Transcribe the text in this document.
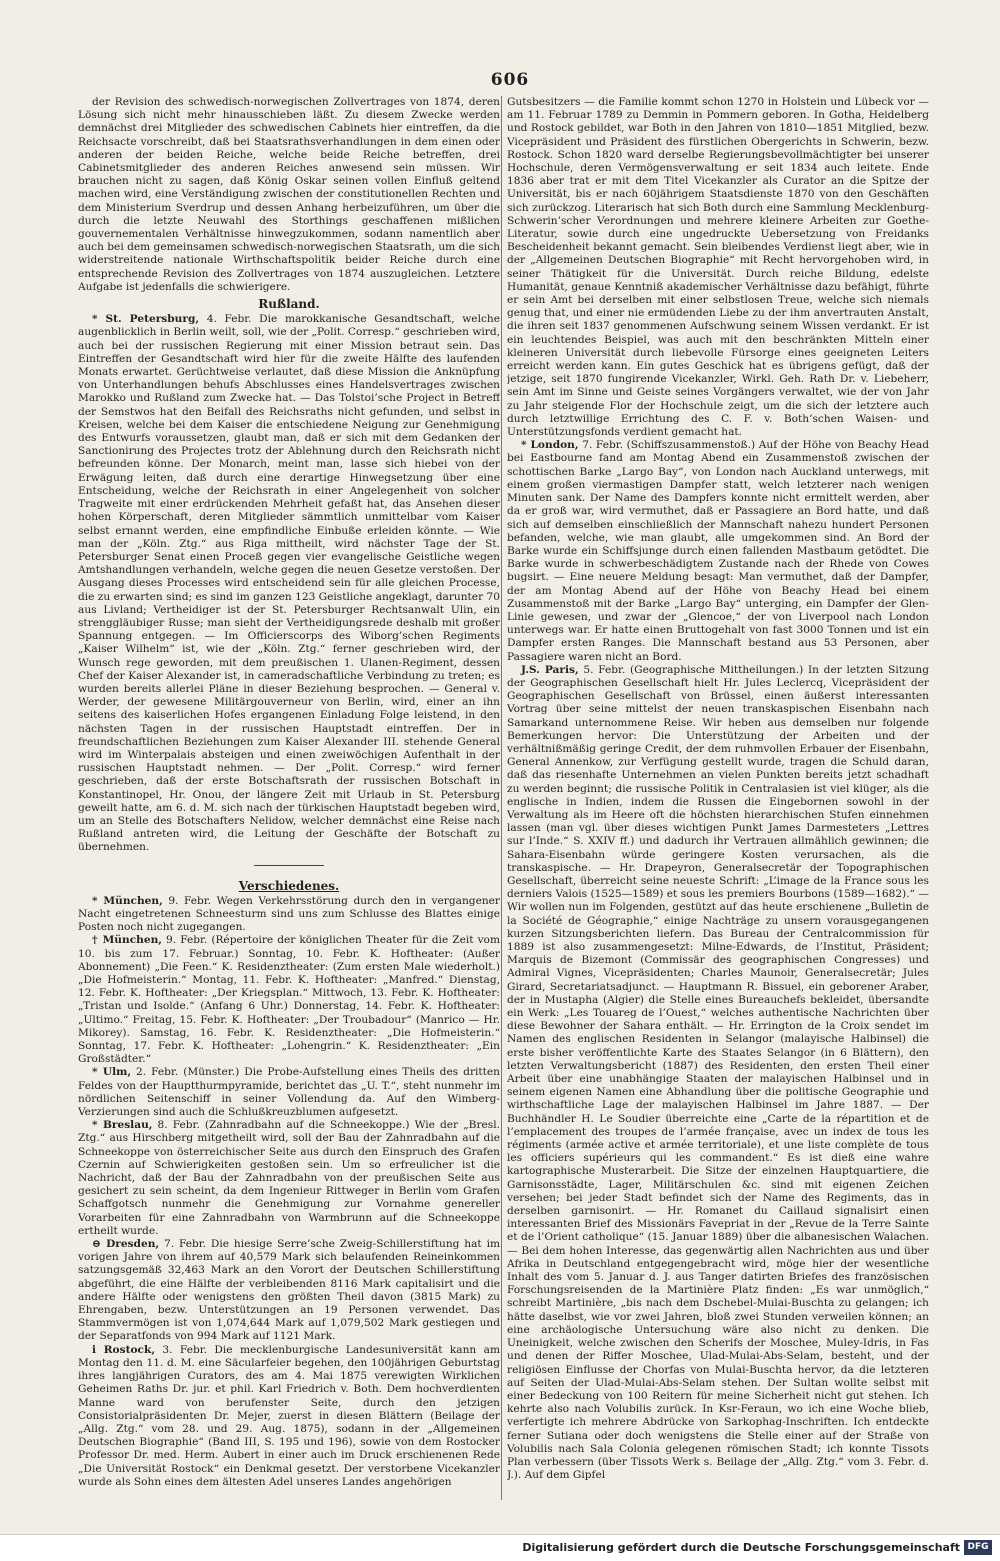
606

der Revision des schwedisch-norwegischen Zollvertrages von 1874, deren Lösung sich nicht mehr hinausschieben läßt. Zu diesem Zwecke werden demnächst drei Mitglieder des schwedischen Cabinets hier eintreffen, da die Reichsacte vorschreibt, daß bei Staatsrathsverhandlungen in dem einen oder anderen der beiden Reiche, welche beide Reiche betreffen, drei Cabinetsmitglieder des anderen Reiches anwesend sein müssen. Wir brauchen nicht zu sagen, daß König Oskar seinen vollen Einfluß geltend machen wird, eine Verständigung zwischen der constitutionellen Rechten und dem Ministerium Sverdrup und dessen Anhang herbeizuführen, um über die durch die letzte Neuwahl des Storthings geschaffenen mißlichen gouvernementalen Verhältnisse hinwegzukommen, sodann namentlich aber auch bei dem gemeinsamen schwedisch-norwegischen Staatsrath, um die sich widerstreitende nationale Wirthschaftspolitik beider Reiche durch eine entsprechende Revision des Zollvertrages von 1874 auszugleichen. Letztere Aufgabe ist jedenfalls die schwierigere.

Rußland.

* St. Petersburg, 4. Febr. Die marokkanische Gesandtschaft, welche augenblicklich in Berlin weilt, soll, wie der „Polit. Corresp.“ geschrieben wird, auch bei der russischen Regierung mit einer Mission betraut sein. Das Eintreffen der Gesandtschaft wird hier für die zweite Hälfte des laufenden Monats erwartet. Gerüchtweise verlautet, daß diese Mission die Anknüpfung von Unterhandlungen behufs Abschlusses eines Handelsvertrages zwischen Marokko und Rußland zum Zwecke hat. — Das Tolstoi’sche Project in Betreff der Semstwos hat den Beifall des Reichsraths nicht gefunden, und selbst in Kreisen, welche bei dem Kaiser die entschiedene Neigung zur Genehmigung des Entwurfs voraussetzen, glaubt man, daß er sich mit dem Gedanken der Sanctionirung des Projectes trotz der Ablehnung durch den Reichsrath nicht befreunden könne. Der Monarch, meint man, lasse sich hiebei von der Erwägung leiten, daß durch eine derartige Hinwegsetzung über eine Entscheidung, welche der Reichsrath in einer Angelegenheit von solcher Tragweite mit einer erdrückenden Mehrheit gefaßt hat, das Ansehen dieser hohen Körperschaft, deren Mitglieder sämmtlich unmittelbar vom Kaiser selbst ernannt werden, eine empfindliche Einbuße erleiden könnte. — Wie man der „Köln. Ztg.“ aus Riga mittheilt, wird nächster Tage der St. Petersburger Senat einen Proceß gegen vier evangelische Geistliche wegen Amtshandlungen verhandeln, welche gegen die neuen Gesetze verstoßen. Der Ausgang dieses Processes wird entscheidend sein für alle gleichen Processe, die zu erwarten sind; es sind im ganzen 123 Geistliche angeklagt, darunter 70 aus Livland; Vertheidiger ist der St. Petersburger Rechtsanwalt Ulin, ein strenggläubiger Russe; man sieht der Vertheidigungsrede deshalb mit großer Spannung entgegen. — Im Officierscorps des Wiborg’schen Regiments „Kaiser Wilhelm“ ist, wie der „Köln. Ztg.“ ferner geschrieben wird, der Wunsch rege geworden, mit dem preußischen 1. Ulanen-Regiment, dessen Chef der Kaiser Alexander ist, in cameradschaftliche Verbindung zu treten; es wurden bereits allerlei Pläne in dieser Beziehung besprochen. — General v. Werder, der gewesene Militärgouverneur von Berlin, wird, einer an ihn seitens des kaiserlichen Hofes ergangenen Einladung Folge leistend, in den nächsten Tagen in der russischen Hauptstadt eintreffen. Der in freundschaftlichen Beziehungen zum Kaiser Alexander III. stehende General wird im Winterpalais absteigen und einen zweiwöchigen Aufenthalt in der russischen Hauptstadt nehmen. — Der „Polit. Corresp.“ wird ferner geschrieben, daß der erste Botschaftsrath der russischen Botschaft in Konstantinopel, Hr. Onou, der längere Zeit mit Urlaub in St. Petersburg geweilt hatte, am 6. d. M. sich nach der türkischen Hauptstadt begeben wird, um an Stelle des Botschafters Nelidow, welcher demnächst eine Reise nach Rußland antreten wird, die Leitung der Geschäfte der Botschaft zu übernehmen.

Verschiedenes.

* München, 9. Febr. Wegen Verkehrsstörung durch den in vergangener Nacht eingetretenen Schneesturm sind uns zum Schlusse des Blattes einige Posten noch nicht zugegangen.

† München, 9. Febr. (Répertoire der königlichen Theater für die Zeit vom 10. bis zum 17. Februar.) Sonntag, 10. Febr. K. Hoftheater: (Außer Abonnement) „Die Feen.“ K. Residenztheater: (Zum ersten Male wiederholt.) „Die Hofmeisterin.“ Montag, 11. Febr. K. Hoftheater: „Manfred.“ Dienstag, 12. Febr. K. Hoftheater: „Der Kriegsplan.“ Mittwoch, 13. Febr. K. Hoftheater: „Tristan und Isolde.“ (Anfang 6 Uhr.) Donnerstag, 14. Febr. K. Hoftheater: „Ultimo.“ Freitag, 15. Febr. K. Hoftheater: „Der Troubadour“ (Manrico — Hr. Mikorey). Samstag, 16. Febr. K. Residenztheater: „Die Hofmeisterin.“ Sonntag, 17. Febr. K. Hoftheater: „Lohengrin.“ K. Residenztheater: „Ein Großstädter.“

* Ulm, 2. Febr. (Münster.) Die Probe-Aufstellung eines Theils des dritten Feldes von der Hauptthurmpyramide, berichtet das „U. T.“, steht nunmehr im nördlichen Seitenschiff in seiner Vollendung da. Auf den Wimberg-Verzierungen sind auch die Schlußkreuzblumen aufgesetzt.

* Breslau, 8. Febr. (Zahnradbahn auf die Schneekoppe.) Wie der „Bresl. Ztg.“ aus Hirschberg mitgetheilt wird, soll der Bau der Zahnradbahn auf die Schneekoppe von österreichischer Seite aus durch den Einspruch des Grafen Czernin auf Schwierigkeiten gestoßen sein. Um so erfreulicher ist die Nachricht, daß der Bau der Zahnradbahn von der preußischen Seite aus gesichert zu sein scheint, da dem Ingenieur Rittweger in Berlin vom Grafen Schaffgotsch nunmehr die Genehmigung zur Vornahme genereller Vorarbeiten für eine Zahnradbahn von Warmbrunn auf die Schneekoppe ertheilt wurde.

⊖ Dresden, 7. Febr. Die hiesige Serre’sche Zweig-Schillerstiftung hat im vorigen Jahre von ihrem auf 40,579 Mark sich belaufenden Reineinkommen satzungsgemäß 32,463 Mark an den Vorort der Deutschen Schillerstiftung abgeführt, die eine Hälfte der verbleibenden 8116 Mark capitalisirt und die andere Hälfte oder wenigstens den größten Theil davon (3815 Mark) zu Ehrengaben, bezw. Unterstützungen an 19 Personen verwendet. Das Stammvermögen ist von 1,074,644 Mark auf 1,079,502 Mark gestiegen und der Separatfonds von 994 Mark auf 1121 Mark.

i Rostock, 3. Febr. Die mecklenburgische Landesuniversität kann am Montag den 11. d. M. eine Säcularfeier begehen, den 100jährigen Geburtstag ihres langjährigen Curators, des am 4. Mai 1875 verewigten Wirklichen Geheimen Raths Dr. jur. et phil. Karl Friedrich v. Both. Dem hochverdienten Manne ward von berufenster Seite, durch den jetzigen Consistorialpräsidenten Dr. Mejer, zuerst in diesen Blättern (Beilage der „Allg. Ztg.“ vom 28. und 29. Aug. 1875), sodann in der „Allgemeinen Deutschen Biographie“ (Band III, S. 195 und 196), sowie von dem Rostocker Professor Dr. med. Herm. Aubert in einer auch im Druck erschienenen Rede „Die Universität Rostock“ ein Denkmal gesetzt. Der verstorbene Vicekanzler wurde als Sohn eines dem ältesten Adel unseres Landes angehörigen

Gutsbesitzers — die Familie kommt schon 1270 in Holstein und Lübeck vor — am 11. Februar 1789 zu Demmin in Pommern geboren. In Gotha, Heidelberg und Rostock gebildet, war Both in den Jahren von 1810—1851 Mitglied, bezw. Vicepräsident und Präsident des fürstlichen Obergerichts in Schwerin, bezw. Rostock. Schon 1820 ward derselbe Regierungsbevollmächtigter bei unserer Hochschule, deren Vermögensverwaltung er seit 1834 auch leitete. Ende 1836 aber trat er mit dem Titel Vicekanzler als Curator an die Spitze der Universität, bis er nach 60jährigem Staatsdienste 1870 von den Geschäften sich zurückzog. Literarisch hat sich Both durch eine Sammlung Mecklenburg-Schwerin’scher Verordnungen und mehrere kleinere Arbeiten zur Goethe-Literatur, sowie durch eine ungedruckte Uebersetzung von Freidanks Bescheidenheit bekannt gemacht. Sein bleibendes Verdienst liegt aber, wie in der „Allgemeinen Deutschen Biographie“ mit Recht hervorgehoben wird, in seiner Thätigkeit für die Universität. Durch reiche Bildung, edelste Humanität, genaue Kenntniß akademischer Verhältnisse dazu befähigt, führte er sein Amt bei derselben mit einer selbstlosen Treue, welche sich niemals genug that, und einer nie ermüdenden Liebe zu der ihm anvertrauten Anstalt, die ihren seit 1837 genommenen Aufschwung seinem Wissen verdankt. Er ist ein leuchtendes Beispiel, was auch mit den beschränkten Mitteln einer kleineren Universität durch liebevolle Fürsorge eines geeigneten Leiters erreicht werden kann. Ein gutes Geschick hat es übrigens gefügt, daß der jetzige, seit 1870 fungirende Vicekanzler, Wirkl. Geh. Rath Dr. v. Liebeherr, sein Amt im Sinne und Geiste seines Vorgängers verwaltet, wie der von Jahr zu Jahr steigende Flor der Hochschule zeigt, um die sich der letztere auch durch letztwillige Errichtung des C. F. v. Both’schen Waisen- und Unterstützungsfonds verdient gemacht hat.

* London, 7. Febr. (Schiffszusammenstoß.) Auf der Höhe von Beachy Head bei Eastbourne fand am Montag Abend ein Zusammenstoß zwischen der schottischen Barke „Largo Bay“, von London nach Auckland unterwegs, mit einem großen viermastigen Dampfer statt, welch letzterer nach wenigen Minuten sank. Der Name des Dampfers konnte nicht ermittelt werden, aber da er groß war, wird vermuthet, daß er Passagiere an Bord hatte, und daß sich auf demselben einschließlich der Mannschaft nahezu hundert Personen befanden, welche, wie man glaubt, alle umgekommen sind. An Bord der Barke wurde ein Schiffsjunge durch einen fallenden Mastbaum getödtet. Die Barke wurde in schwerbeschädigtem Zustande nach der Rhede von Cowes bugsirt. — Eine neuere Meldung besagt: Man vermuthet, daß der Dampfer, der am Montag Abend auf der Höhe von Beachy Head bei einem Zusammenstoß mit der Barke „Largo Bay“ unterging, ein Dampfer der Glen-Linie gewesen, und zwar der „Glencoe,“ der von Liverpool nach London unterwegs war. Er hatte einen Bruttogehalt von fast 3000 Tonnen und ist ein Dampfer ersten Ranges. Die Mannschaft bestand aus 53 Personen, aber Passagiere waren nicht an Bord.

J.S. Paris, 5. Febr. (Geographische Mittheilungen.) In der letzten Sitzung der Geographischen Gesellschaft hielt Hr. Jules Leclercq, Vicepräsident der Geographischen Gesellschaft von Brüssel, einen äußerst interessanten Vortrag über seine mittelst der neuen transkaspischen Eisenbahn nach Samarkand unternommene Reise. Wir heben aus demselben nur folgende Bemerkungen hervor: Die Unterstützung der Arbeiten und der verhältnißmäßig geringe Credit, der dem ruhmvollen Erbauer der Eisenbahn, General Annenkow, zur Verfügung gestellt wurde, tragen die Schuld daran, daß das riesenhafte Unternehmen an vielen Punkten bereits jetzt schadhaft zu werden beginnt; die russische Politik in Centralasien ist viel klüger, als die englische in Indien, indem die Russen die Eingebornen sowohl in der Verwaltung als im Heere oft die höchsten hierarchischen Stufen einnehmen lassen (man vgl. über dieses wichtigen Punkt James Darmesteters „Lettres sur l’Inde.“ S. XXIV ff.) und dadurch ihr Vertrauen allmählich gewinnen; die Sahara-Eisenbahn würde geringere Kosten verursachen, als die transkaspische. — Hr. Drapeyron, Generalsecretär der Topographischen Gesellschaft, überreicht seine neueste Schrift: „L’image de la France sous les derniers Valois (1525—1589) et sous les premiers Bourbons (1589—1682).“ — Wir wollen nun im Folgenden, gestützt auf das heute erschienene „Bulletin de la Société de Géographie,“ einige Nachträge zu unsern vorausgegangenen kurzen Sitzungsberichten liefern. Das Bureau der Centralcommission für 1889 ist also zusammengesetzt: Milne-Edwards, de l’Institut, Präsident; Marquis de Bizemont (Commissär des geographischen Congresses) und Admiral Vignes, Vicepräsidenten; Charles Maunoir, Generalsecretär; Jules Girard, Secretariatsadjunct. — Hauptmann R. Bissuel, ein geborener Araber, der in Mustapha (Algier) die Stelle eines Bureauchefs bekleidet, übersandte ein Werk: „Les Touareg de l’Ouest,“ welches authentische Nachrichten über diese Bewohner der Sahara enthält. — Hr. Errington de la Croix sendet im Namen des englischen Residenten in Selangor (malayische Halbinsel) die erste bisher veröffentlichte Karte des Staates Selangor (in 6 Blättern), den letzten Verwaltungsbericht (1887) des Residenten, den ersten Theil einer Arbeit über eine unabhängige Staaten der malayischen Halbinsel und in seinem eigenen Namen eine Abhandlung über die politische Geographie und wirthschaftliche Lage der malayischen Halbinsel im Jahre 1887. — Der Buchhändler H. Le Soudier überreichte eine „Carte de la répartition et de l’emplacement des troupes de l’armée française, avec un index de tous les régiments (armée active et armée territoriale), et une liste complète de tous les officiers supérieurs qui les commandent.“ Es ist dieß eine wahre kartographische Musterarbeit. Die Sitze der einzelnen Hauptquartiere, die Garnisonsstädte, Lager, Militärschulen &c. sind mit eigenen Zeichen versehen; bei jeder Stadt befindet sich der Name des Regiments, das in derselben garnisonirt. — Hr. Romanet du Caillaud signalisirt einen interessanten Brief des Missionärs Favepriat in der „Revue de la Terre Sainte et de l’Orient catholique“ (15. Januar 1889) über die albanesischen Walachen. — Bei dem hohen Interesse, das gegenwärtig allen Nachrichten aus und über Afrika in Deutschland entgegengebracht wird, möge hier der wesentliche Inhalt des vom 5. Januar d. J. aus Tanger datirten Briefes des französischen Forschungsreisenden de la Martinière Platz finden: „Es war unmöglich,“ schreibt Martinière, „bis nach dem Dschebel-Mulai-Buschta zu gelangen; ich hätte daselbst, wie vor zwei Jahren, bloß zwei Stunden verweilen können; an eine archäologische Untersuchung wäre also nicht zu denken. Die Uneinigkeit, welche zwischen den Scherifs der Moschee, Muley-Idris, in Fas und denen der Riffer Moschee, Ulad-Mulai-Abs-Selam, besteht, und der religiösen Einflusse der Chorfas von Mulai-Buschta hervor, da die letzteren auf Seiten der Ulad-Mulai-Abs-Selam stehen. Der Sultan wollte selbst mit einer Bedeckung von 100 Reitern für meine Sicherheit nicht gut stehen. Ich kehrte also nach Volubilis zurück. In Ksr-Feraun, wo ich eine Woche blieb, verfertigte ich mehrere Abdrücke von Sarkophag-Inschriften. Ich entdeckte ferner Sutiana oder doch wenigstens die Stelle einer auf der Straße von Volubilis nach Sala Colonia gelegenen römischen Stadt; ich konnte Tissots Plan verbessern (über Tissots Werk s. Beilage der „Allg. Ztg.“ vom 3. Febr. d. J.). Auf dem Gipfel

Digitalisierung gefördert durch die Deutsche Forschungsgemeinschaft DFG
